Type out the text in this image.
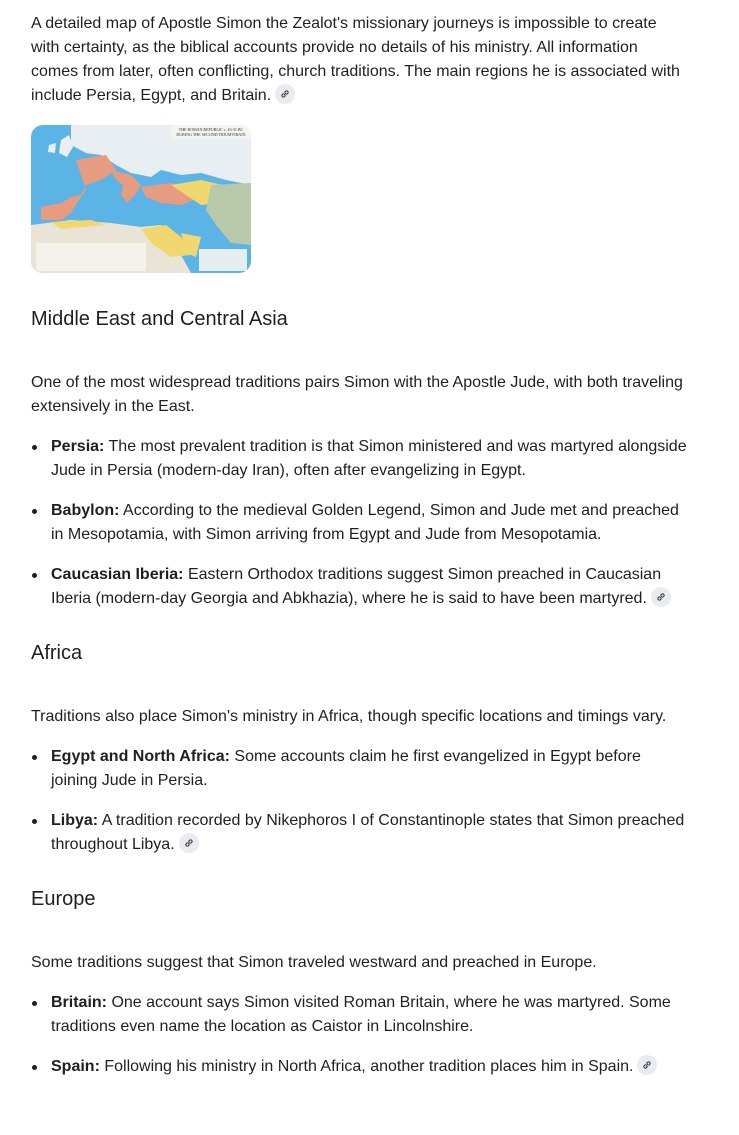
A detailed map of Apostle Simon the Zealot's missionary journeys is impossible to create with certainty, as the biblical accounts provide no details of his ministry. All information comes from later, often conflicting, church traditions. The main regions he is associated with include Persia, Egypt, and Britain.

THE ROMAN REPUBLIC c. 43-31 BC
DURING THE SECOND TRIUMVIRATE
Middle East and Central Asia

One of the most widespread traditions pairs Simon with the Apostle Jude, with both traveling extensively in the East.

Persia: The most prevalent tradition is that Simon ministered and was martyred alongside Jude in Persia (modern-day Iran), often after evangelizing in Egypt.
Babylon: According to the medieval Golden Legend, Simon and Jude met and preached in Mesopotamia, with Simon arriving from Egypt and Jude from Mesopotamia.
Caucasian Iberia: Eastern Orthodox traditions suggest Simon preached in Caucasian Iberia (modern-day Georgia and Abkhazia), where he is said to have been martyred.
Africa

Traditions also place Simon's ministry in Africa, though specific locations and timings vary.

Egypt and North Africa: Some accounts claim he first evangelized in Egypt before joining Jude in Persia.
Libya: A tradition recorded by Nikephoros I of Constantinople states that Simon preached throughout Libya.
Europe

Some traditions suggest that Simon traveled westward and preached in Europe.

Britain: One account says Simon visited Roman Britain, where he was martyred. Some traditions even name the location as Caistor in Lincolnshire.
Spain: Following his ministry in North Africa, another tradition places him in Spain.
